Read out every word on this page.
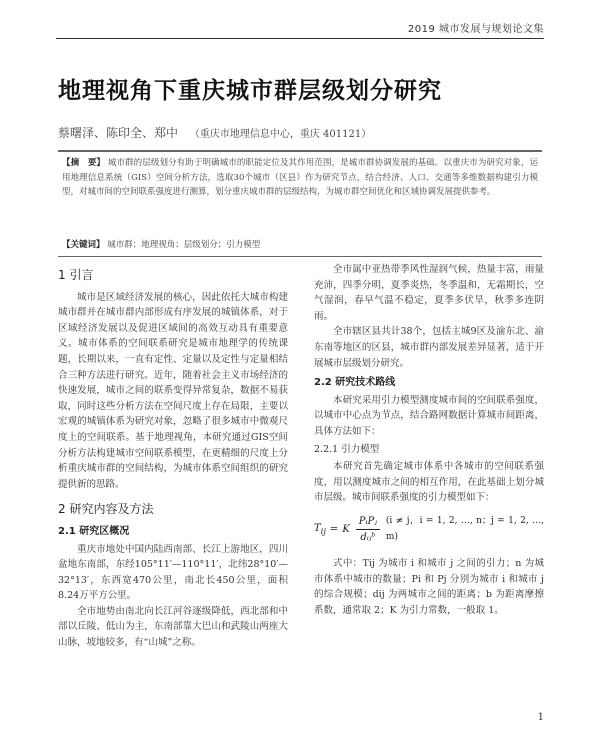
2019 城市发展与规划论文集
地理视角下重庆城市群层级划分研究
蔡曙泽、陈印全、郑中 （重庆市地理信息中心，重庆 401121）
【摘　要】 城市群的层级划分有助于明确城市的职能定位及其作用范围，是城市群协调发展的基础。以重庆市为研究对象，运用地理信息系统（GIS）空间分析方法，选取30个城市（区县）作为研究节点，结合经济、人口、交通等多维数据构建引力模型，对城市间的空间联系强度进行测算，划分重庆城市群的层级结构，为城市群空间优化和区域协调发展提供参考。
【关键词】 城市群；地理视角；层级划分；引力模型
1 引言

城市是区域经济发展的核心，因此依托大城市构建城市群并在城市群内部形成有序发展的城镇体系，对于区域经济发展以及促进区域间的高效互动具有重要意义。城市体系的空间联系研究是城市地理学的传统课题，长期以来，一直有定性、定量以及定性与定量相结合三种方法进行研究。近年，随着社会主义市场经济的快速发展，城市之间的联系变得异常复杂，数据不易获取，同时这些分析方法在空间尺度上存在局限，主要以宏观的城镇体系为研究对象，忽略了很多城市中微观尺度上的空间联系。基于地理视角，本研究通过GIS空间分析方法构建城市空间联系模型，在更精细的尺度上分析重庆城市群的空间结构，为城市体系空间组织的研究提供新的思路。

2 研究内容及方法
2.1 研究区概况

重庆市地处中国内陆西南部、长江上游地区，四川盆地东南部，东经105°11′—110°11′，北纬28°10′—32°13′，东西宽470公里，南北长450公里，面积8.24万平方公里。

全市地势由南北向长江河谷逐级降低，西北部和中部以丘陵、低山为主，东南部靠大巴山和武陵山两座大山脉，坡地较多，有“山城”之称。

全市属中亚热带季风性湿润气候，热量丰富，雨量充沛，四季分明，夏季炎热，冬季温和，无霜期长，空气湿润，春早气温不稳定，夏季多伏旱，秋季多连阴雨。

全市辖区县共计38个，包括主城9区及渝东北、渝东南等地区的区县，城市群内部发展差异显著，适于开展城市层级划分研究。

2.2 研究技术路线

本研究采用引力模型测度城市间的空间联系强度，以城市中心点为节点，结合路网数据计算城市间距离，具体方法如下：

2.2.1 引力模型

本研究首先确定城市体系中各城市的空间联系强度，用以测度城市之间的相互作用，在此基础上划分城市层级。城市间联系强度的引力模型如下：

$T_{ij} = K \frac{\text{PᵢPⱼ}}{\text{dᵢⱼᵇ}} (i \ne j$，i = 1, 2, …, n；j = 1, 2, …, m)

式中：Tij 为城市 i 和城市 j 之间的引力；n 为城市体系中城市的数量；Pi 和 Pj 分别为城市 i 和城市 j 的综合规模；dij 为两城市之间的距离；b 为距离摩擦系数，通常取 2；K 为引力常数，一般取 1。

1
